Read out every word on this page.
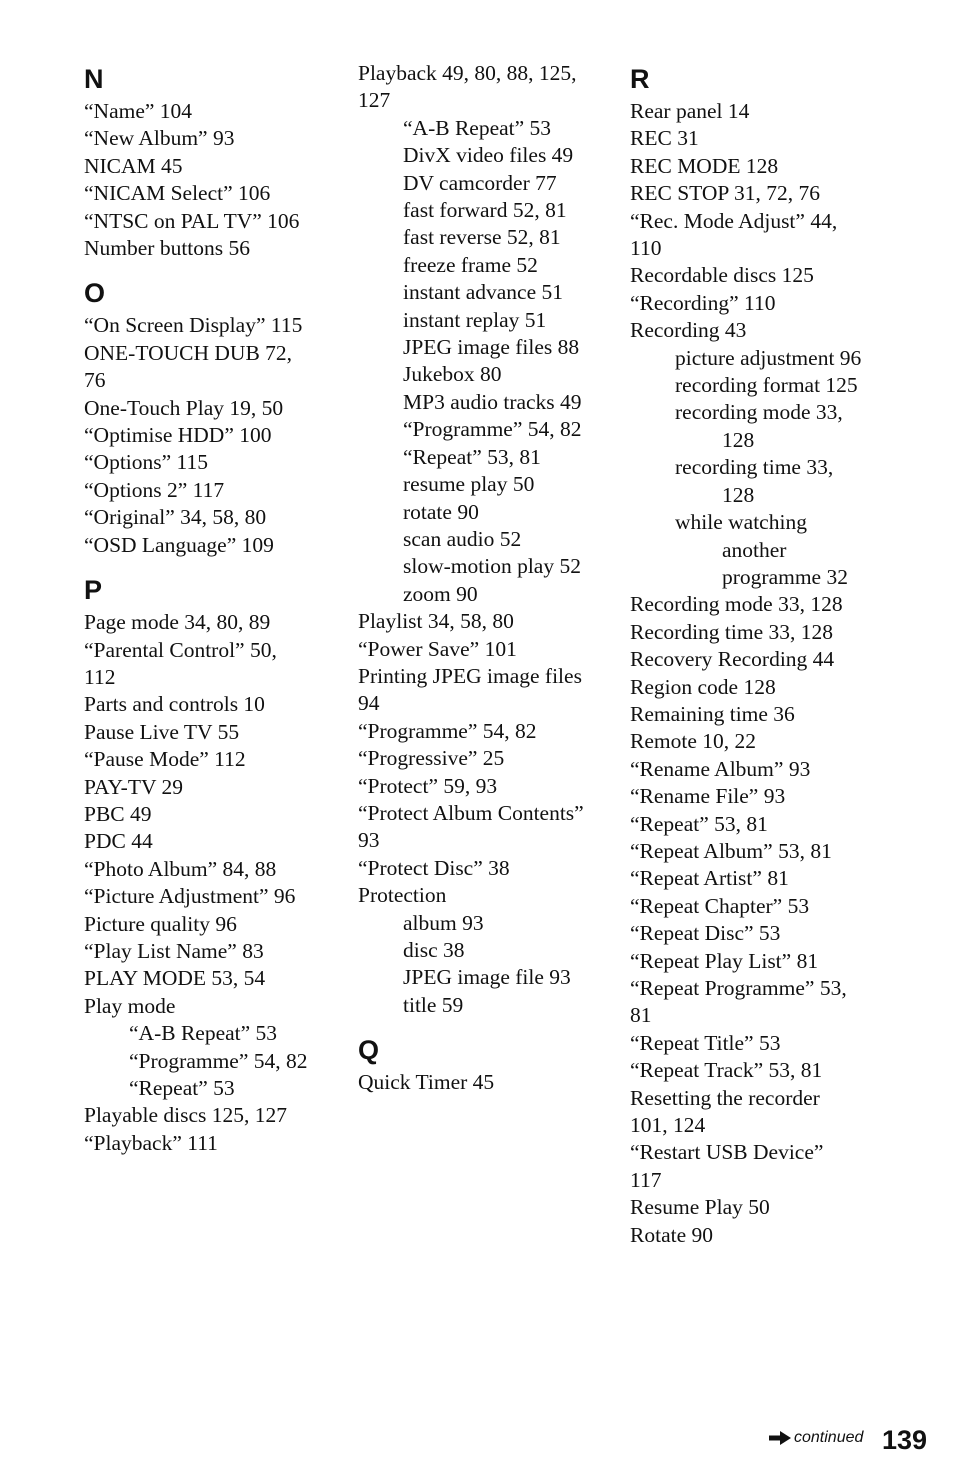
N
“Name” 104
“New Album” 93
NICAM 45
“NICAM Select” 106
“NTSC on PAL TV” 106
Number buttons 56
O
“On Screen Display” 115
ONE-TOUCH DUB 72,
76
One-Touch Play 19, 50
“Optimise HDD” 100
“Options” 115
“Options 2” 117
“Original” 34, 58, 80
“OSD Language” 109
P
Page mode 34, 80, 89
“Parental Control” 50,
112
Parts and controls 10
Pause Live TV 55
“Pause Mode” 112
PAY-TV 29
PBC 49
PDC 44
“Photo Album” 84, 88
“Picture Adjustment” 96
Picture quality 96
“Play List Name” 83
PLAY MODE 53, 54
Play mode
“A-B Repeat” 53
“Programme” 54, 82
“Repeat” 53
Playable discs 125, 127
“Playback” 111
Playback 49, 80, 88, 125,
127
“A-B Repeat” 53
DivX video files 49
DV camcorder 77
fast forward 52, 81
fast reverse 52, 81
freeze frame 52
instant advance 51
instant replay 51
JPEG image files 88
Jukebox 80
MP3 audio tracks 49
“Programme” 54, 82
“Repeat” 53, 81
resume play 50
rotate 90
scan audio 52
slow-motion play 52
zoom 90
Playlist 34, 58, 80
“Power Save” 101
Printing JPEG image files
94
“Programme” 54, 82
“Progressive” 25
“Protect” 59, 93
“Protect Album Contents”
93
“Protect Disc” 38
Protection
album 93
disc 38
JPEG image file 93
title 59
Q
Quick Timer 45
R
Rear panel 14
REC 31
REC MODE 128
REC STOP 31, 72, 76
“Rec. Mode Adjust” 44,
110
Recordable discs 125
“Recording” 110
Recording 43
picture adjustment 96
recording format 125
recording mode 33,
128
recording time 33,
128
while watching
another
programme 32
Recording mode 33, 128
Recording time 33, 128
Recovery Recording 44
Region code 128
Remaining time 36
Remote 10, 22
“Rename Album” 93
“Rename File” 93
“Repeat” 53, 81
“Repeat Album” 53, 81
“Repeat Artist” 81
“Repeat Chapter” 53
“Repeat Disc” 53
“Repeat Play List” 81
“Repeat Programme” 53,
81
“Repeat Title” 53
“Repeat Track” 53, 81
Resetting the recorder
101, 124
“Restart USB Device”
117
Resume Play 50
Rotate 90
continued 139
